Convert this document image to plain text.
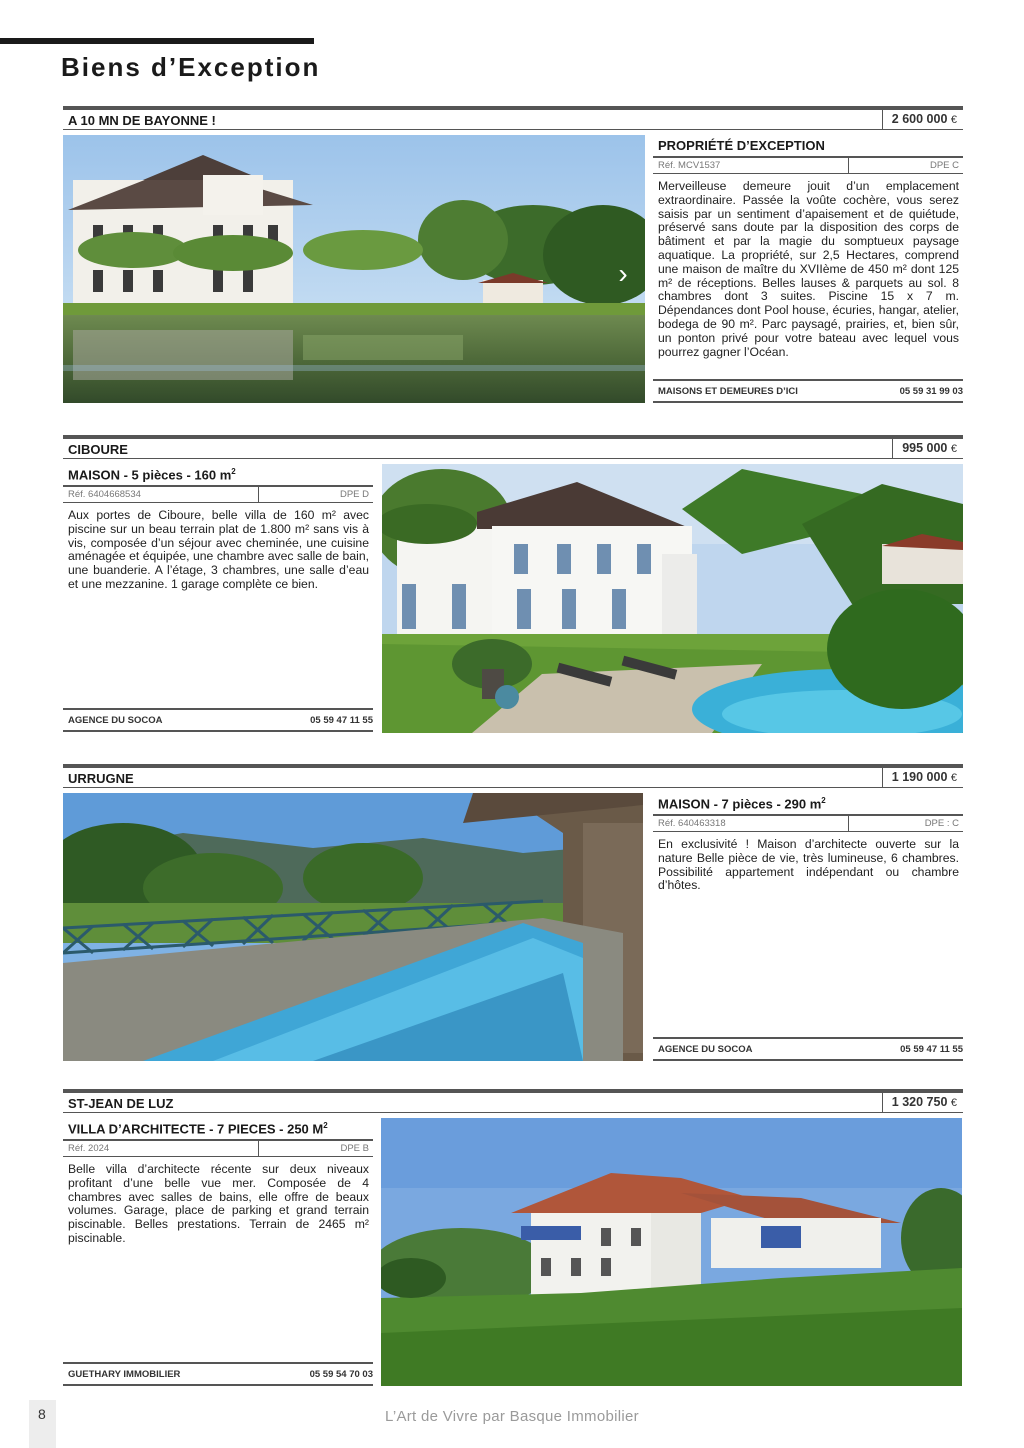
Biens d’Exception
A 10 MN DE BAYONNE !	2 600 000 €
›
PROPRIÉTÉ D’EXCEPTION
Réf. MCV1537	DPE C
Merveilleuse demeure jouit d’un emplacement extraordinaire. Passée la voûte cochère, vous serez saisis par un sentiment d’apaisement et de quiétude, préservé sans doute par la disposition des corps de bâtiment et par la magie du somptueux paysage aquatique. La propriété, sur 2,5 Hectares, comprend une maison de maître du XVIIème de 450 m² dont 125 m² de réceptions. Belles lauses & parquets au sol. 8 chambres dont 3 suites. Piscine 15 x 7 m. Dépendances dont Pool house, écuries, hangar, atelier, bodega de 90 m². Parc paysagé, prairies, et, bien sûr, un ponton privé pour votre bateau avec lequel vous pourrez gagner l’Océan.
MAISONS ET DEMEURES D’ICI	05 59 31 99 03
CIBOURE	995 000 €
MAISON - 5 pièces - 160 $m^2$
Réf. 6404668534	DPE D
Aux portes de Ciboure, belle villa de 160 m² avec piscine sur un beau terrain plat de 1.800 m² sans vis à vis, composée d’un séjour avec cheminée, une cuisine aménagée et équipée, une chambre avec salle de bain, une buanderie. A l’étage, 3 chambres, une salle d’eau et une mezzanine. 1 garage complète ce bien.
AGENCE DU SOCOA	05 59 47 11 55
URRUGNE	1 190 000 €
MAISON - 7 pièces - 290 $m^2$
Réf. 640463318	DPE : C
En exclusivité ! Maison d’architecte ouverte sur la nature Belle pièce de vie, très lumineuse, 6 chambres. Possibilité appartement indépendant ou chambre d’hôtes.
AGENCE DU SOCOA	05 59 47 11 55
ST-JEAN DE LUZ	1 320 750 €
VILLA D’ARCHITECTE - 7 PIECES - 250 $M^2$
Réf. 2024	DPE B
Belle villa d’architecte récente sur deux niveaux profitant d’une belle vue mer. Composée de 4 chambres avec salles de bains, elle offre de beaux volumes. Garage, place de parking et grand terrain piscinable. Belles prestations. Terrain de 2465 m² piscinable.
GUETHARY IMMOBILIER	05 59 54 70 03
8	L’Art de Vivre par Basque Immobilier
